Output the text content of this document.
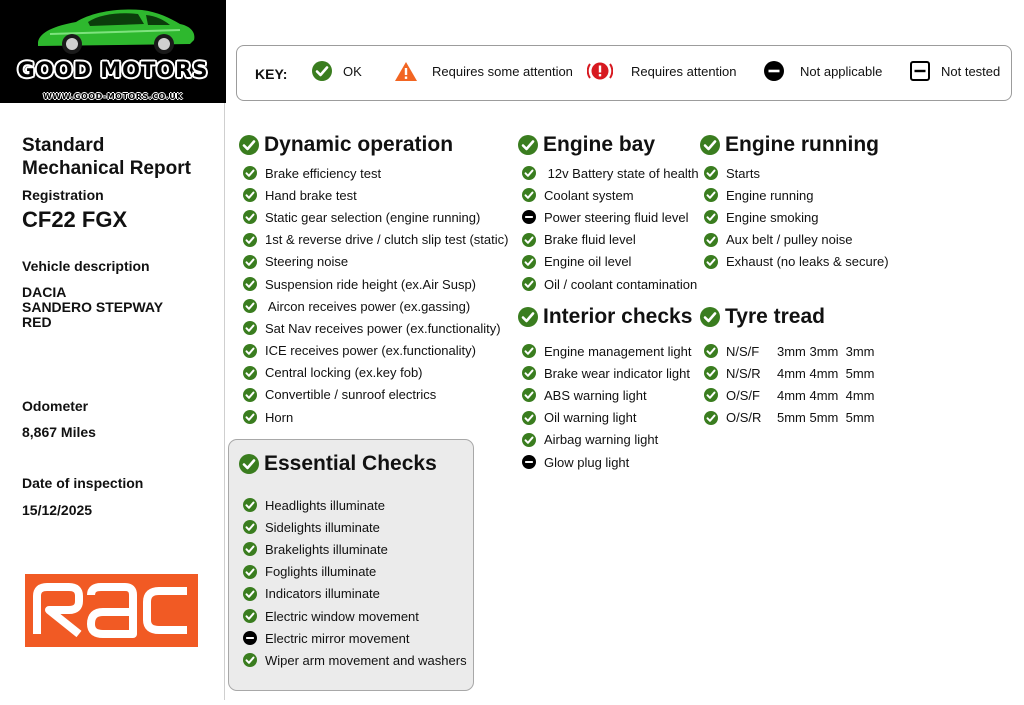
GOOD MOTORS
WWW.GOOD-MOTORS.CO.UK
KEY:	OK	Requires some attention	Requires attention	Not applicable	Not tested
Standard
Mechanical Report
Registration
CF22 FGX
Vehicle description
DACIA
SANDERO STEPWAY
RED
Odometer
8,867 Miles
Date of inspection
15/12/2025
Dynamic operation
Brake efficiency test
Hand brake test
Static gear selection (engine running)
1st & reverse drive / clutch slip test (static)
Steering noise
Suspension ride height (ex.Air Susp)
Aircon receives power (ex.gassing)
Sat Nav receives power (ex.functionality)
ICE receives power (ex.functionality)
Central locking (ex.key fob)
Convertible / sunroof electrics
Horn
Essential Checks
Headlights illuminate
Sidelights illuminate
Brakelights illuminate
Foglights illuminate
Indicators illuminate
Electric window movement
Electric mirror movement
Wiper arm movement and washers
Engine bay
12v Battery state of health
Coolant system
Power steering fluid level
Brake fluid level
Engine oil level
Oil / coolant contamination
Interior checks
Engine management light
Brake wear indicator light
ABS warning light
Oil warning light
Airbag warning light
Glow plug light
Engine running
Starts
Engine running
Engine smoking
Aux belt / pulley noise
Exhaust (no leaks & secure)
Tyre tread
N/S/F	3mm 3mm  3mm
N/S/R	4mm 4mm  5mm
O/S/F	4mm 4mm  4mm
O/S/R	5mm 5mm  5mm
